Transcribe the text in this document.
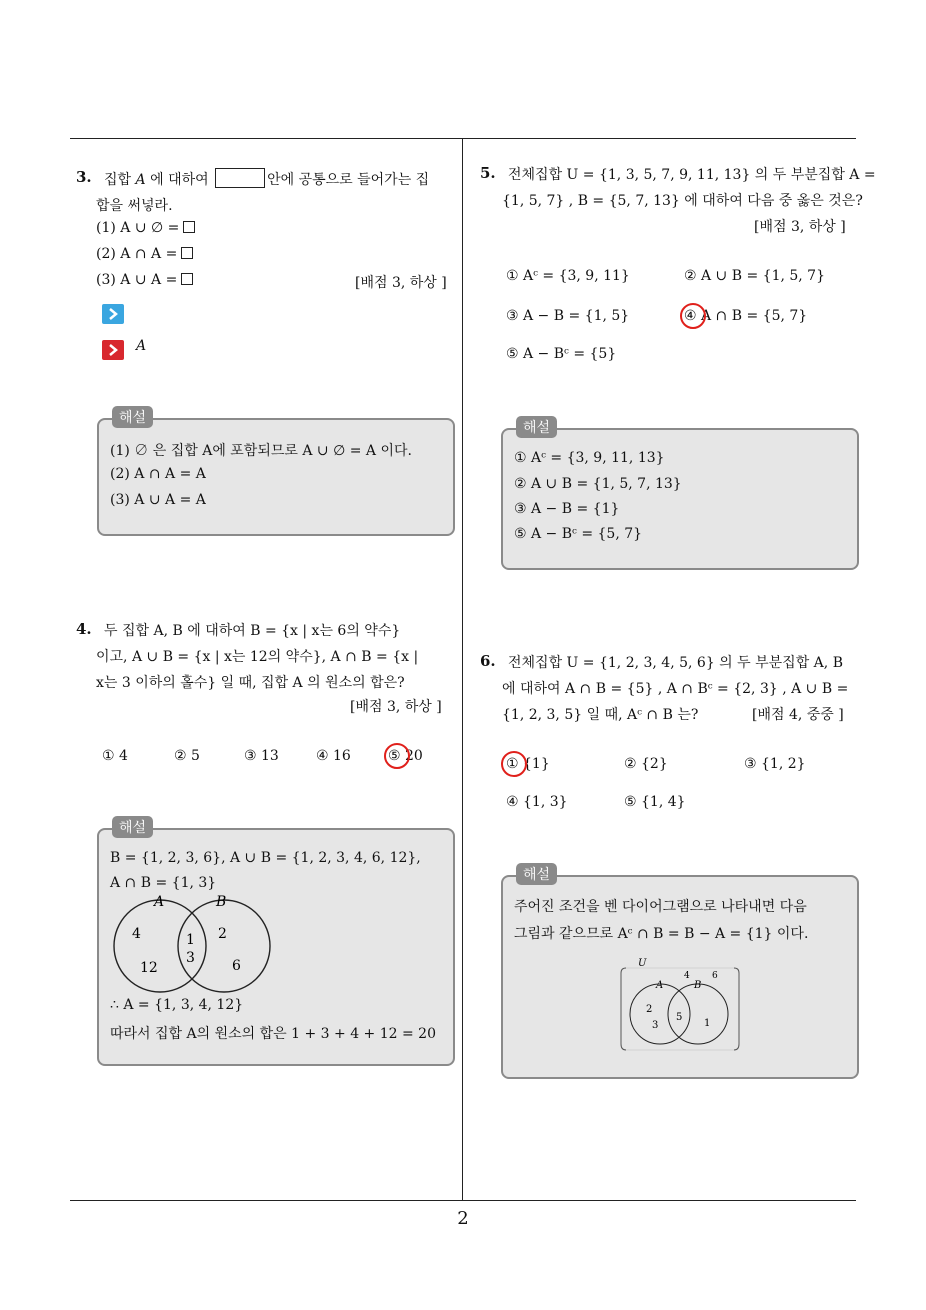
2
3. 집합 A 에 대하여	안에 공통으로 들어가는 집
합을 써넣라.
(1) A ∪ ∅ =
(2) A ∩ A =
(3) A ∪ A =	[배점 3, 하상 ]
A
해설
(1) ∅ 은 집합 A에 포함되므로 A ∪ ∅ = A 이다.
(2) A ∩ A = A
(3) A ∪ A = A
4. 두 집합 A, B 에 대하여 B = {x | x는 6의 약수}
이고, A ∪ B = {x | x는 12의 약수}, A ∩ B = {x |
x는 3 이하의 홀수} 일 때, 집합 A 의 원소의 합은?
[배점 3, 하상 ]
① 4	② 5	③ 13	④ 16	⑤ 20
해설
B = {1, 2, 3, 6}, A ∪ B = {1, 2, 3, 4, 6, 12},
A ∩ B = {1, 3}
A	B
4
12
1
3
2
6
∴ A = {1, 3, 4, 12}
따라서 집합 A의 원소의 합은 1 + 3 + 4 + 12 = 20
5. 전체집합 U = {1, 3, 5, 7, 9, 11, 13} 의 두 부분집합 A =
{1, 5, 7} , B = {5, 7, 13} 에 대하여 다음 중 옳은 것은?
[배점 3, 하상 ]
① Aᶜ = {3, 9, 11}	② A ∪ B = {1, 5, 7}
③ A − B = {1, 5}	④ A ∩ B = {5, 7}
⑤ A − Bᶜ = {5}
해설
① Aᶜ = {3, 9, 11, 13}
② A ∪ B = {1, 5, 7, 13}
③ A − B = {1}
⑤ A − Bᶜ = {5, 7}
6. 전체집합 U = {1, 2, 3, 4, 5, 6} 의 두 부분집합 A, B
에 대하여 A ∩ B = {5} , A ∩ Bᶜ = {2, 3} , A ∪ B =
{1, 2, 3, 5} 일 때, Aᶜ ∩ B 는?	[배점 4, 중중 ]
① {1}	② {2}	③ {1, 2}
④ {1, 3}	⑤ {1, 4}
해설
주어진 조건을 벤 다이어그램으로 나타내면 다음
그림과 같으므로 Aᶜ ∩ B = B − A = {1} 이다.
U
A	B
4 6
2
3
5
1
